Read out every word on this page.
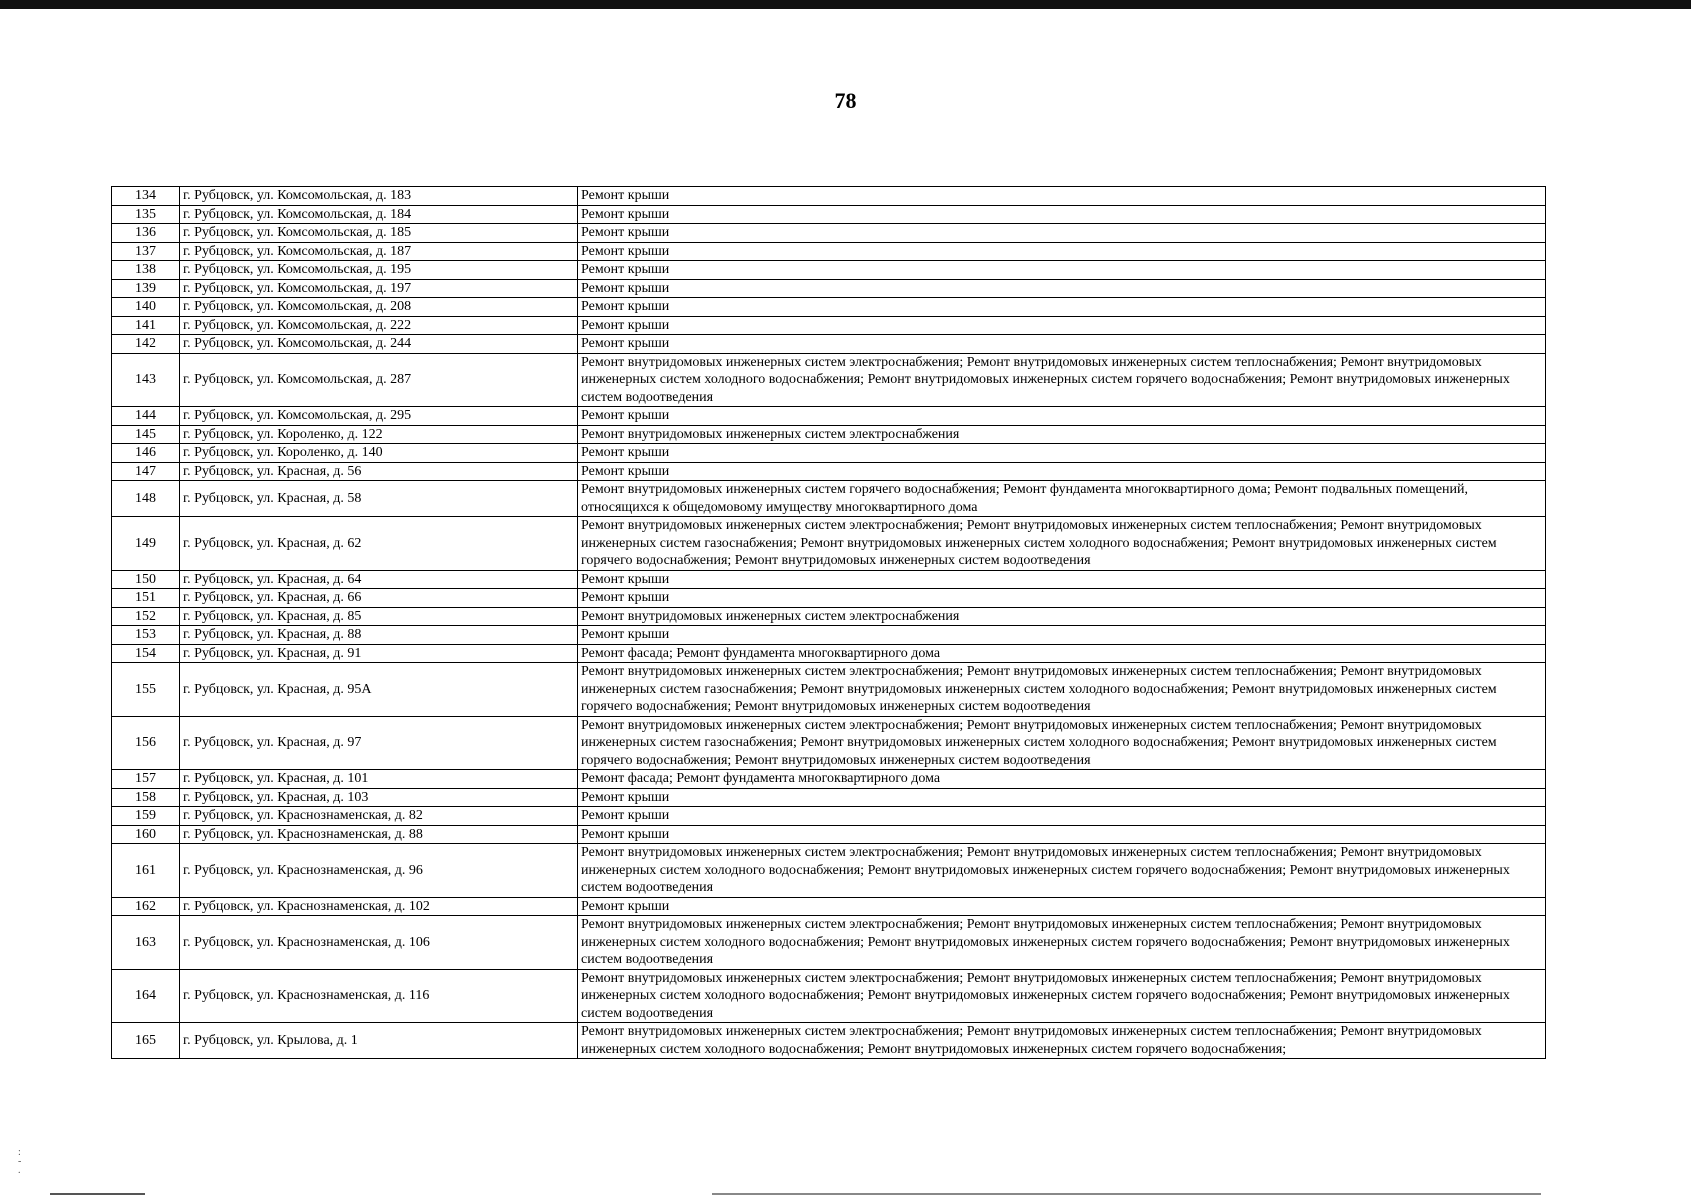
78
134	г. Рубцовск, ул. Комсомольская, д. 183	Ремонт крыши
135	г. Рубцовск, ул. Комсомольская, д. 184	Ремонт крыши
136	г. Рубцовск, ул. Комсомольская, д. 185	Ремонт крыши
137	г. Рубцовск, ул. Комсомольская, д. 187	Ремонт крыши
138	г. Рубцовск, ул. Комсомольская, д. 195	Ремонт крыши
139	г. Рубцовск, ул. Комсомольская, д. 197	Ремонт крыши
140	г. Рубцовск, ул. Комсомольская, д. 208	Ремонт крыши
141	г. Рубцовск, ул. Комсомольская, д. 222	Ремонт крыши
142	г. Рубцовск, ул. Комсомольская, д. 244	Ремонт крыши
143	г. Рубцовск, ул. Комсомольская, д. 287	Ремонт внутридомовых инженерных систем электроснабжения; Ремонт внутридомовых инженерных систем теплоснабжения; Ремонт внутридомовых инженерных систем холодного водоснабжения; Ремонт внутридомовых инженерных систем горячего водоснабжения; Ремонт внутридомовых инженерных систем водоотведения
144	г. Рубцовск, ул. Комсомольская, д. 295	Ремонт крыши
145	г. Рубцовск, ул. Короленко, д. 122	Ремонт внутридомовых инженерных систем электроснабжения
146	г. Рубцовск, ул. Короленко, д. 140	Ремонт крыши
147	г. Рубцовск, ул. Красная, д. 56	Ремонт крыши
148	г. Рубцовск, ул. Красная, д. 58	Ремонт внутридомовых инженерных систем горячего водоснабжения; Ремонт фундамента многоквартирного дома; Ремонт подвальных помещений, относящихся к общедомовому имуществу многоквартирного дома
149	г. Рубцовск, ул. Красная, д. 62	Ремонт внутридомовых инженерных систем электроснабжения; Ремонт внутридомовых инженерных систем теплоснабжения; Ремонт внутридомовых инженерных систем газоснабжения; Ремонт внутридомовых инженерных систем холодного водоснабжения; Ремонт внутридомовых инженерных систем горячего водоснабжения; Ремонт внутридомовых инженерных систем водоотведения
150	г. Рубцовск, ул. Красная, д. 64	Ремонт крыши
151	г. Рубцовск, ул. Красная, д. 66	Ремонт крыши
152	г. Рубцовск, ул. Красная, д. 85	Ремонт внутридомовых инженерных систем электроснабжения
153	г. Рубцовск, ул. Красная, д. 88	Ремонт крыши
154	г. Рубцовск, ул. Красная, д. 91	Ремонт фасада; Ремонт фундамента многоквартирного дома
155	г. Рубцовск, ул. Красная, д. 95А	Ремонт внутридомовых инженерных систем электроснабжения; Ремонт внутридомовых инженерных систем теплоснабжения; Ремонт внутридомовых инженерных систем газоснабжения; Ремонт внутридомовых инженерных систем холодного водоснабжения; Ремонт внутридомовых инженерных систем горячего водоснабжения; Ремонт внутридомовых инженерных систем водоотведения
156	г. Рубцовск, ул. Красная, д. 97	Ремонт внутридомовых инженерных систем электроснабжения; Ремонт внутридомовых инженерных систем теплоснабжения; Ремонт внутридомовых инженерных систем газоснабжения; Ремонт внутридомовых инженерных систем холодного водоснабжения; Ремонт внутридомовых инженерных систем горячего водоснабжения; Ремонт внутридомовых инженерных систем водоотведения
157	г. Рубцовск, ул. Красная, д. 101	Ремонт фасада; Ремонт фундамента многоквартирного дома
158	г. Рубцовск, ул. Красная, д. 103	Ремонт крыши
159	г. Рубцовск, ул. Краснознаменская, д. 82	Ремонт крыши
160	г. Рубцовск, ул. Краснознаменская, д. 88	Ремонт крыши
161	г. Рубцовск, ул. Краснознаменская, д. 96	Ремонт внутридомовых инженерных систем электроснабжения; Ремонт внутридомовых инженерных систем теплоснабжения; Ремонт внутридомовых инженерных систем холодного водоснабжения; Ремонт внутридомовых инженерных систем горячего водоснабжения; Ремонт внутридомовых инженерных систем водоотведения
162	г. Рубцовск, ул. Краснознаменская, д. 102	Ремонт крыши
163	г. Рубцовск, ул. Краснознаменская, д. 106	Ремонт внутридомовых инженерных систем электроснабжения; Ремонт внутридомовых инженерных систем теплоснабжения; Ремонт внутридомовых инженерных систем холодного водоснабжения; Ремонт внутридомовых инженерных систем горячего водоснабжения; Ремонт внутридомовых инженерных систем водоотведения
164	г. Рубцовск, ул. Краснознаменская, д. 116	Ремонт внутридомовых инженерных систем электроснабжения; Ремонт внутридомовых инженерных систем теплоснабжения; Ремонт внутридомовых инженерных систем холодного водоснабжения; Ремонт внутридомовых инженерных систем горячего водоснабжения; Ремонт внутридомовых инженерных систем водоотведения
165	г. Рубцовск, ул. Крылова, д. 1	Ремонт внутридомовых инженерных систем электроснабжения; Ремонт внутридомовых инженерных систем теплоснабжения; Ремонт внутридомовых инженерных систем холодного водоснабжения; Ремонт внутридомовых инженерных систем горячего водоснабжения;
:
-
.
